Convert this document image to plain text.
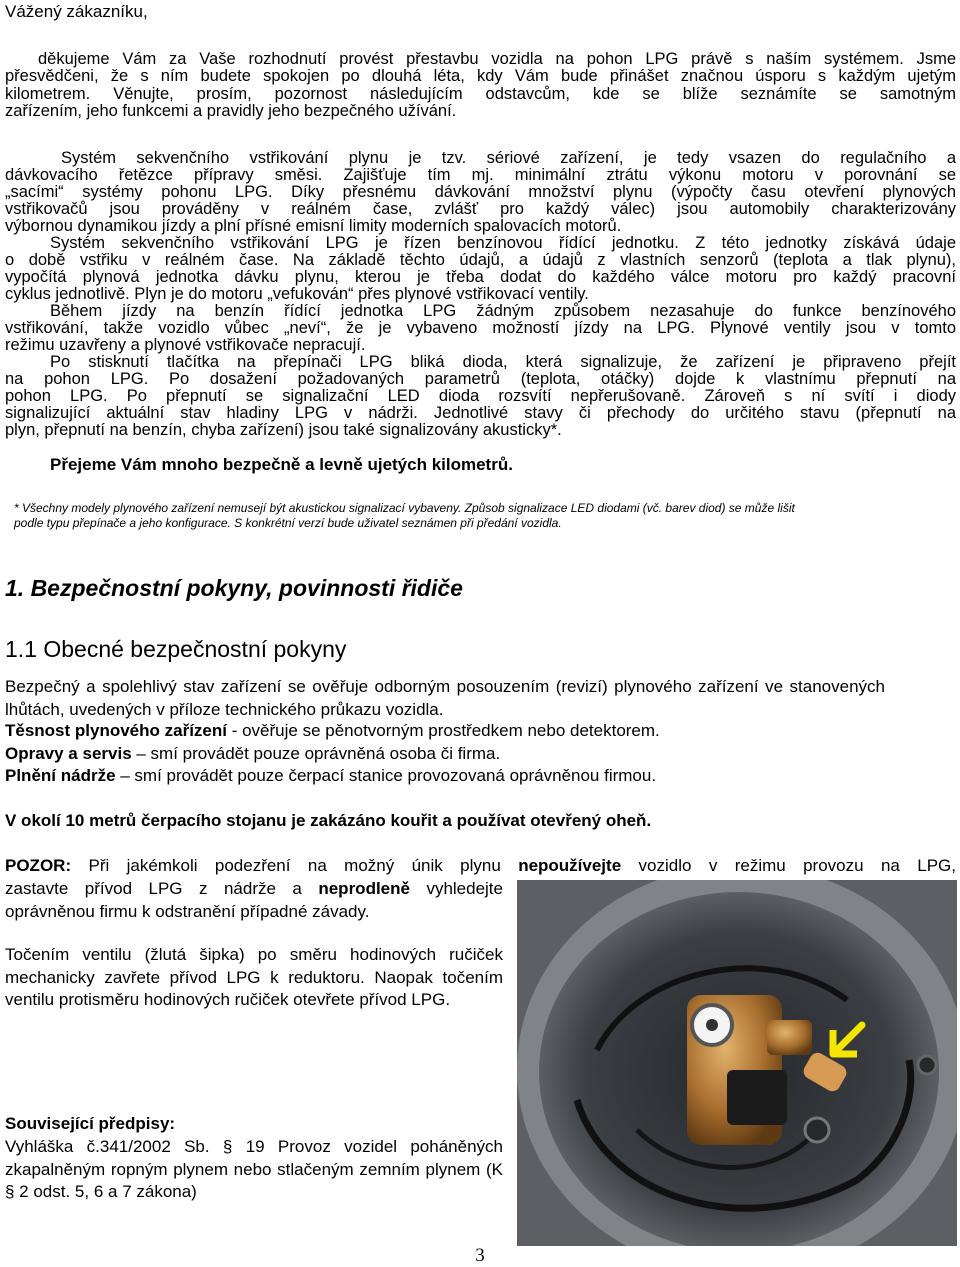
Vážený zákazníku,
děkujeme Vám za Vaše rozhodnutí provést přestavbu vozidla na pohon LPG právě s naším systémem. Jsme
přesvědčeni, že s ním budete spokojen po dlouhá léta, kdy Vám bude přinášet značnou úsporu s každým ujetým
kilometrem. Věnujte, prosím, pozornost následujícím odstavcům, kde se blíže seznámíte se samotným
zařízením, jeho funkcemi a pravidly jeho bezpečného užívání.
Systém sekvenčního vstřikování plynu je tzv. sériové zařízení, je tedy vsazen do regulačního a
dávkovacího řetězce přípravy směsi. Zajišťuje tím mj. minimální ztrátu výkonu motoru v porovnání se
„sacími“ systémy pohonu LPG. Díky přesnému dávkování množství plynu (výpočty času otevření plynových
vstřikovačů jsou prováděny v reálném čase, zvlášť pro každý válec) jsou automobily charakterizovány
výbornou dynamikou jízdy a plní přísné emisní limity moderních spalovacích motorů.
Systém sekvenčního vstřikování LPG je řízen benzínovou řídící jednotku. Z této jednotky získává údaje
o době vstřiku v reálném čase. Na základě těchto údajů, a údajů z vlastních senzorů (teplota a tlak plynu),
vypočítá plynová jednotka dávku plynu, kterou je třeba dodat do každého válce motoru pro každý pracovní
cyklus jednotlivě. Plyn je do motoru „vefukován“ přes plynové vstřikovací ventily.
Během jízdy na benzín řídící jednotka LPG žádným způsobem nezasahuje do funkce benzínového
vstřikování, takže vozidlo vůbec „neví“, že je vybaveno možností jízdy na LPG. Plynové ventily jsou v tomto
režimu uzavřeny a plynové vstřikovače nepracují.
Po stisknutí tlačítka na přepínači LPG bliká dioda, která signalizuje, že zařízení je připraveno přejít
na pohon LPG. Po dosažení požadovaných parametrů (teplota, otáčky) dojde k vlastnímu přepnutí na
pohon LPG. Po přepnutí se signalizační LED dioda rozsvítí nepřerušovaně. Zároveň s ní svítí i diody
signalizující aktuální stav hladiny LPG v nádrži. Jednotlivé stavy či přechody do určitého stavu (přepnutí na
plyn, přepnutí na benzín, chyba zařízení) jsou také signalizovány akusticky*.
Přejeme Vám mnoho bezpečně a levně ujetých kilometrů.
* Všechny modely plynového zařízení nemusejí být akustickou signalizací vybaveny. Způsob signalizace LED diodami (vč. barev diod) se může lišit
podle typu přepínače a jeho konfigurace. S konkrétní verzí bude uživatel seznámen při předání vozidla.
1. Bezpečnostní pokyny, povinnosti řidiče
1.1 Obecné bezpečnostní pokyny
Bezpečný a spolehlivý stav zařízení se ověřuje odborným posouzením (revizí) plynového zařízení ve stanovených lhůtách, uvedených v příloze technického průkazu vozidla.
Těsnost plynového zařízení - ověřuje se pěnotvorným prostředkem nebo detektorem.
Opravy a servis – smí provádět pouze oprávněná osoba či firma.
Plnění nádrže – smí provádět pouze čerpací stanice provozovaná oprávněnou firmou.
V okolí 10 metrů čerpacího stojanu je zakázáno kouřit a používat otevřený oheň.
POZOR: Při jakémkoli podezření na možný únik plynu nepoužívejte vozidlo v režimu provozu na LPG,
zastavte přívod LPG z nádrže a neprodleně vyhledejte
oprávněnou firmu k odstranění případné závady.
Točením ventilu (žlutá šipka) po směru hodinových ručiček mechanicky zavřete přívod LPG k reduktoru. Naopak točením ventilu protisměru hodinových ručiček otevřete přívod LPG.
Související předpisy:
Vyhláška č.341/2002 Sb. § 19 Provoz vozidel poháněných zkapalněným ropným plynem nebo stlačeným zemním plynem (K § 2 odst. 5, 6 a 7 zákona)
3
